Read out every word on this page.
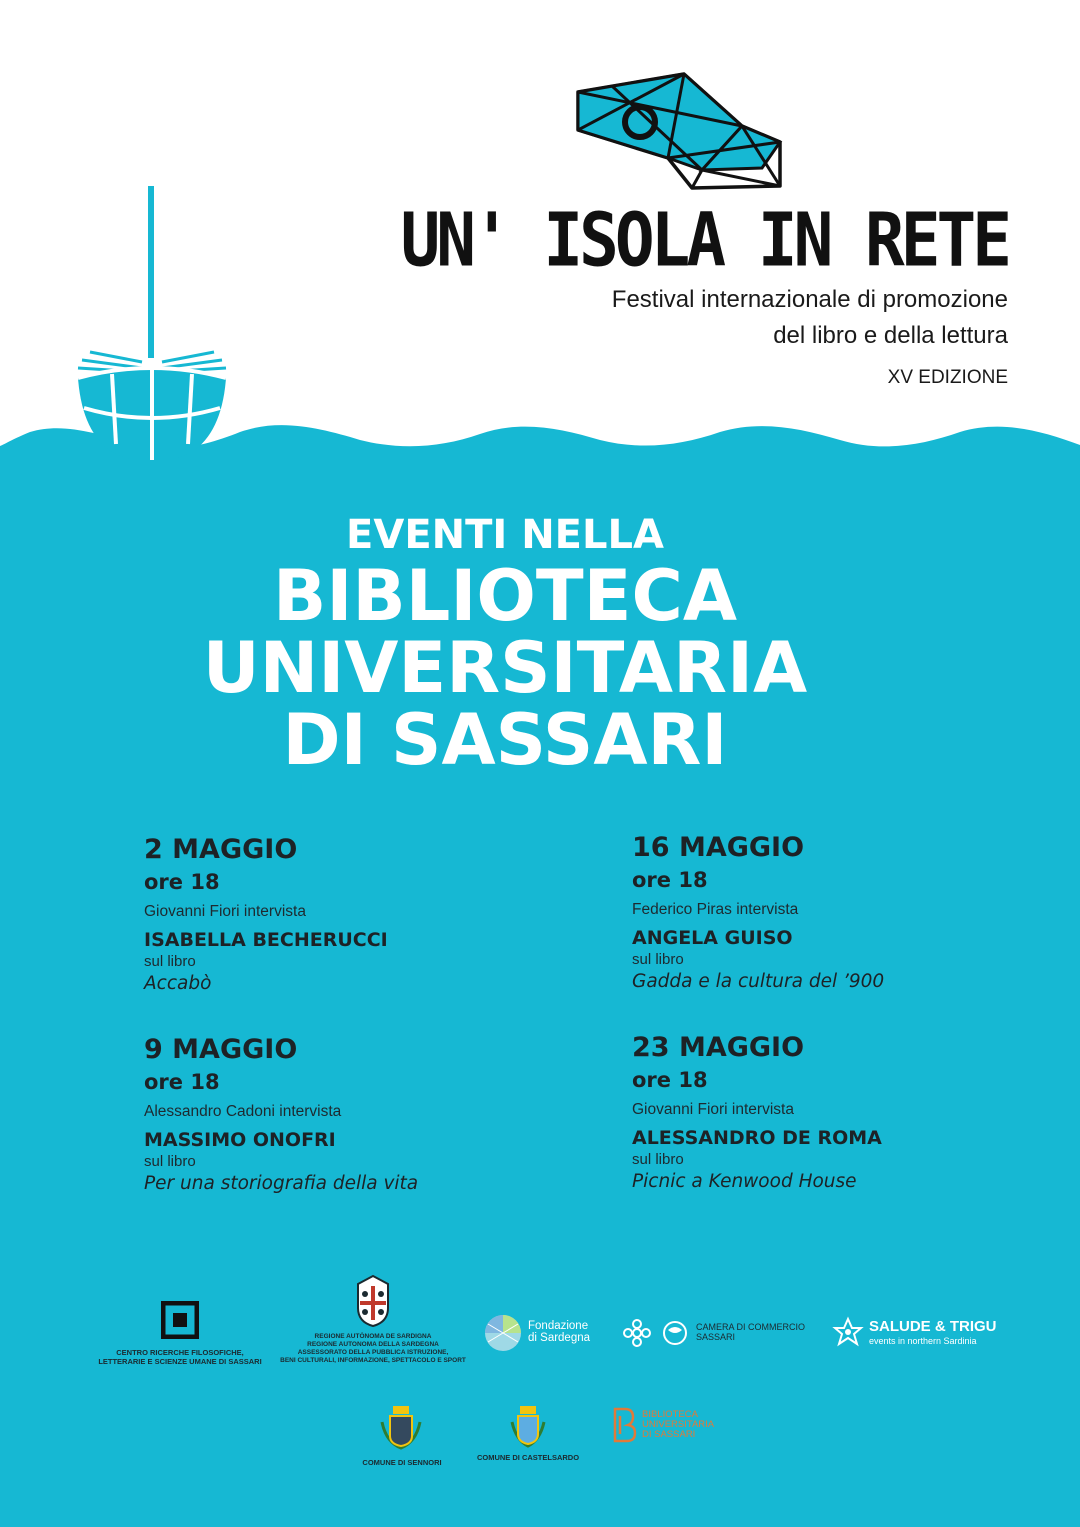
UN' ISOLA IN RETE
Festival internazionale di promozione
del libro e della lettura
XV EDIZIONE
EVENTI NELLA
BIBLIOTECA
UNIVERSITARIA
DI SASSARI
2 MAGGIO
ore 18
Giovanni Fiori intervista
ISABELLA BECHERUCCI
sul libro
Accabò
16 MAGGIO
ore 18
Federico Piras intervista
ANGELA GUISO
sul libro
Gadda e la cultura del ’900
9 MAGGIO
ore 18
Alessandro Cadoni intervista
MASSIMO ONOFRI
sul libro
Per una storiografia della vita
23 MAGGIO
ore 18
Giovanni Fiori intervista
ALESSANDRO DE ROMA
sul libro
Picnic a Kenwood House
CENTRO RICERCHE FILOSOFICHE,
LETTERARIE E SCIENZE UMANE DI SASSARI
REGIONE AUTÒNOMA DE SARDIGNA
REGIONE AUTONOMA DELLA SARDEGNA
ASSESSORATO DELLA PUBBLICA ISTRUZIONE,
BENI CULTURALI, INFORMAZIONE, SPETTACOLO E SPORT
Fondazione
di Sardegna
CAMERA DI COMMERCIO
SASSARI
SALUDE & TRIGU
events in northern Sardinia
COMUNE DI SENNORI
COMUNE DI CASTELSARDO
BIBLIOTECA
UNIVERSITARIA
DI SASSARI
